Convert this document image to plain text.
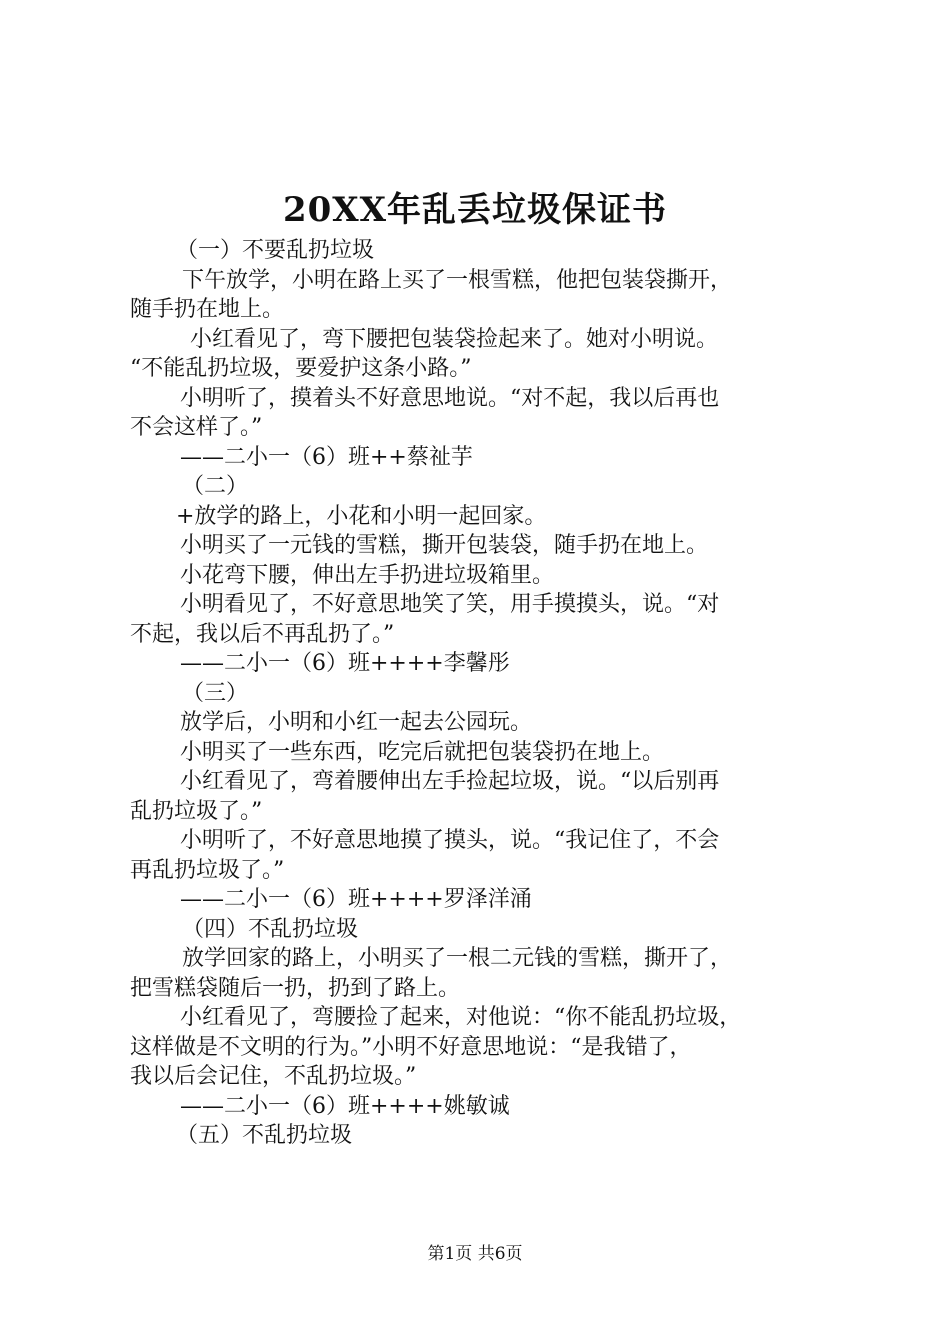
20XX年乱丢垃圾保证书
（一）不要乱扔垃圾
下午放学，小明在路上买了一根雪糕，他把包装袋撕开，
随手扔在地上。
小红看见了，弯下腰把包装袋捡起来了。她对小明说。
“不能乱扔垃圾，要爱护这条小路。”
小明听了，摸着头不好意思地说。“对不起，我以后再也
不会这样了。”
——二小一（6）班++蔡祉芋
（二）
+放学的路上，小花和小明一起回家。
小明买了一元钱的雪糕，撕开包装袋，随手扔在地上。
小花弯下腰，伸出左手扔进垃圾箱里。
小明看见了，不好意思地笑了笑，用手摸摸头，说。“对
不起，我以后不再乱扔了。”
——二小一（6）班++++李馨彤
（三）
放学后，小明和小红一起去公园玩。
小明买了一些东西，吃完后就把包装袋扔在地上。
小红看见了，弯着腰伸出左手捡起垃圾，说。“以后别再
乱扔垃圾了。”
小明听了，不好意思地摸了摸头，说。“我记住了，不会
再乱扔垃圾了。”
——二小一（6）班++++罗泽洋涌
（四）不乱扔垃圾
放学回家的路上，小明买了一根二元钱的雪糕，撕开了，
把雪糕袋随后一扔，扔到了路上。
小红看见了，弯腰捡了起来，对他说：“你不能乱扔垃圾，
这样做是不文明的行为。”小明不好意思地说：“是我错了，
我以后会记住，不乱扔垃圾。”
——二小一（6）班++++姚敏诚
（五）不乱扔垃圾
第1页 共6页
